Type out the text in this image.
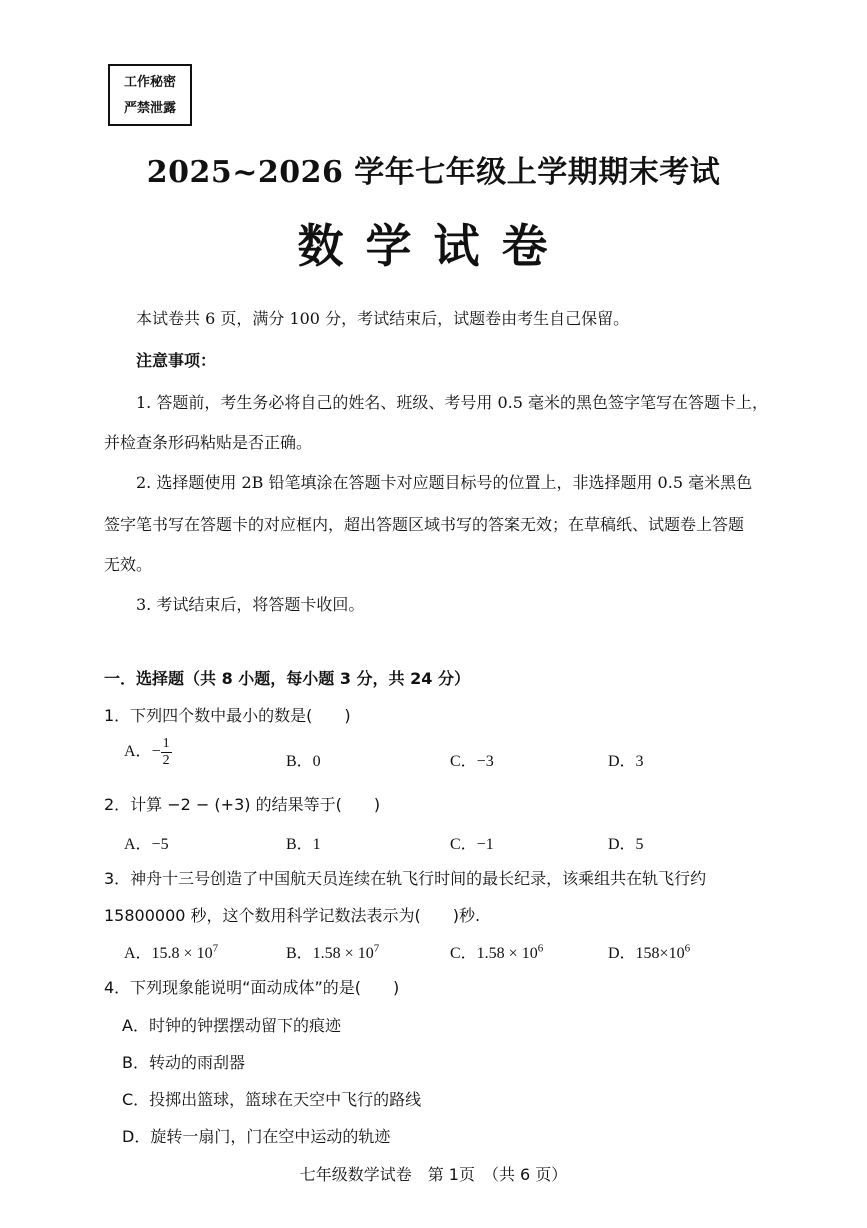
工作秘密
严禁泄露
2025~2026 学年七年级上学期期末考试
数学试卷
本试卷共 6 页，满分 100 分，考试结束后，试题卷由考生自己保留。
注意事项：
1. 答题前，考生务必将自己的姓名、班级、考号用 0.5 毫米的黑色签字笔写在答题卡上，
并检查条形码粘贴是否正确。
2. 选择题使用 2B 铅笔填涂在答题卡对应题目标号的位置上，非选择题用 0.5 毫米黑色
签字笔书写在答题卡的对应框内，超出答题区域书写的答案无效；在草稿纸、试题卷上答题
无效。
3. 考试结束后，将答题卡收回。
一．选择题（共 8 小题，每小题 3 分，共 24 分）
1．下列四个数中最小的数是(　　)
A．− $\frac{1}{2}$	B．0	C．−3	D．3
2．计算 −2 − (+3) 的结果等于(　　)
A．−5	B．1	C．−1	D．5
3．神舟十三号创造了中国航天员连续在轨飞行时间的最长纪录，该乘组共在轨飞行约
15800000 秒，这个数用科学记数法表示为(　　)秒.
A．$15.8 \times 10^7$	B．$1.58 \times 10^7$	C．$1.58 \times 10^6$	D．$158\times 10^6$
4．下列现象能说明“面动成体”的是(　　)
A．时钟的钟摆摆动留下的痕迹
B．转动的雨刮器
C．投掷出篮球，篮球在天空中飞行的路线
D．旋转一扇门，门在空中运动的轨迹
七年级数学试卷　第 1页　（共 6 页）
